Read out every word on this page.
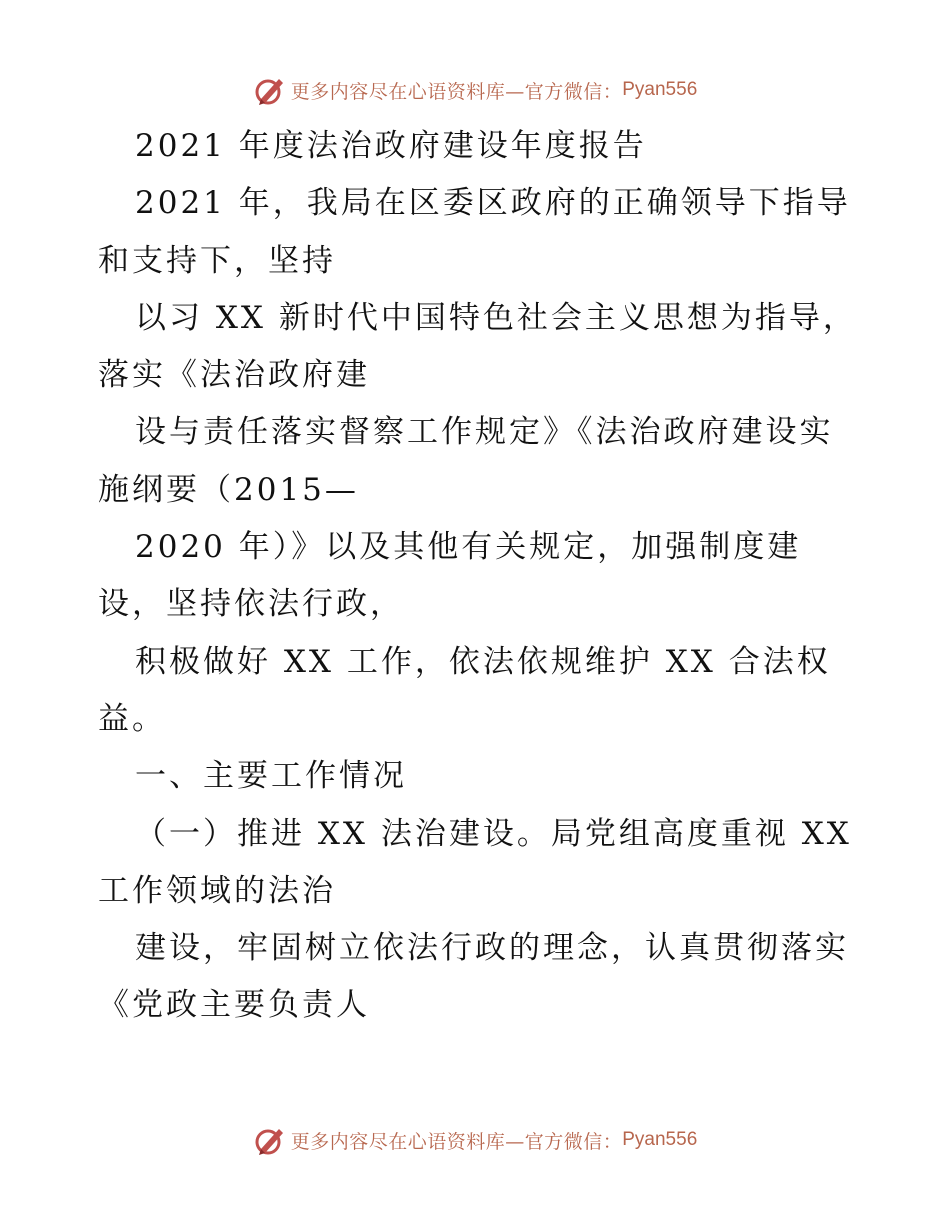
更多内容尽在心语资料库—官方微信： Pyan556
2021 年度法治政府建设年度报告
2021 年，我局在区委区政府的正确领导下指导
和支持下，坚持
以习 XX 新时代中国特色社会主义思想为指导，
落实《法治政府建
设与责任落实督察工作规定》《法治政府建设实
施纲要（2015—
2020 年）》以及其他有关规定，加强制度建
设，坚持依法行政，
积极做好 XX 工作，依法依规维护 XX 合法权
益。
一、主要工作情况
（一）推进 XX 法治建设。局党组高度重视 XX
工作领域的法治
建设，牢固树立依法行政的理念，认真贯彻落实
《党政主要负责人
更多内容尽在心语资料库—官方微信： Pyan556
